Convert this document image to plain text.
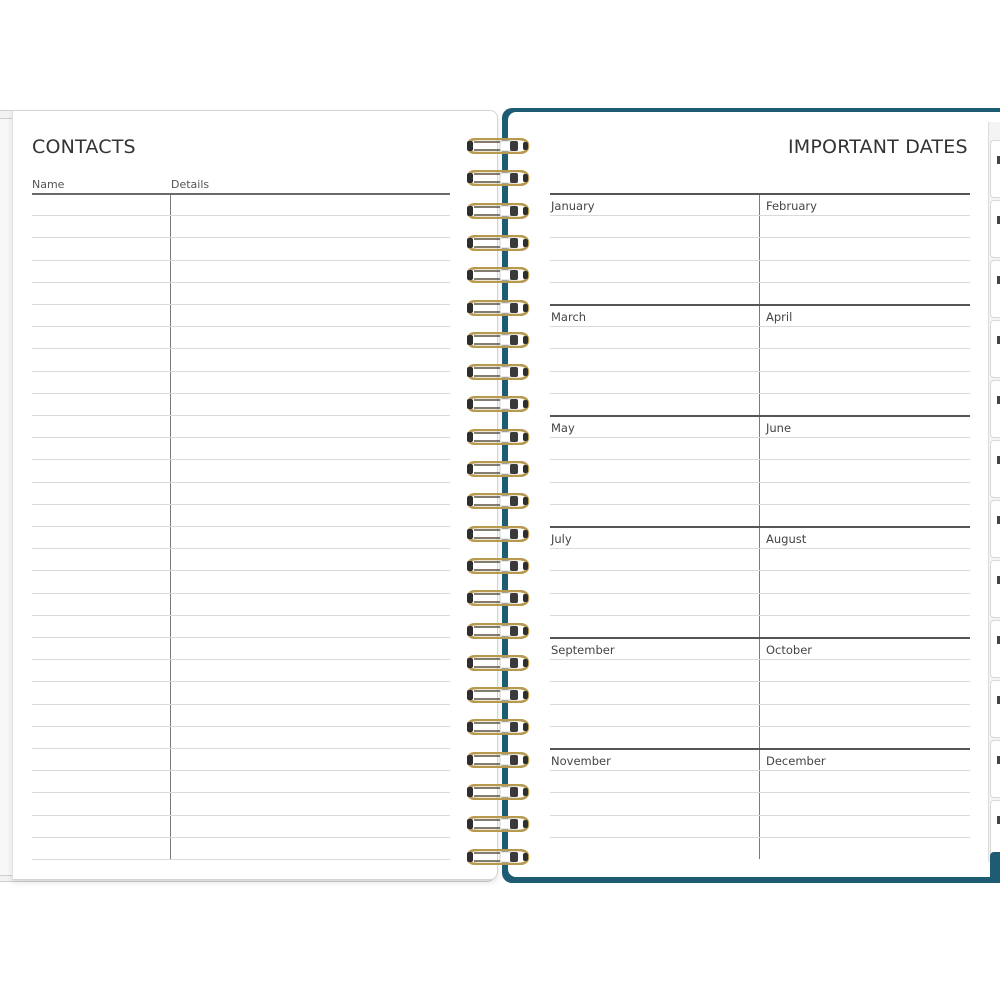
CONTACTS
Name	Details
IMPORTANT DATES
January	February
March	April
May	June
July	August
September	October
November	December
